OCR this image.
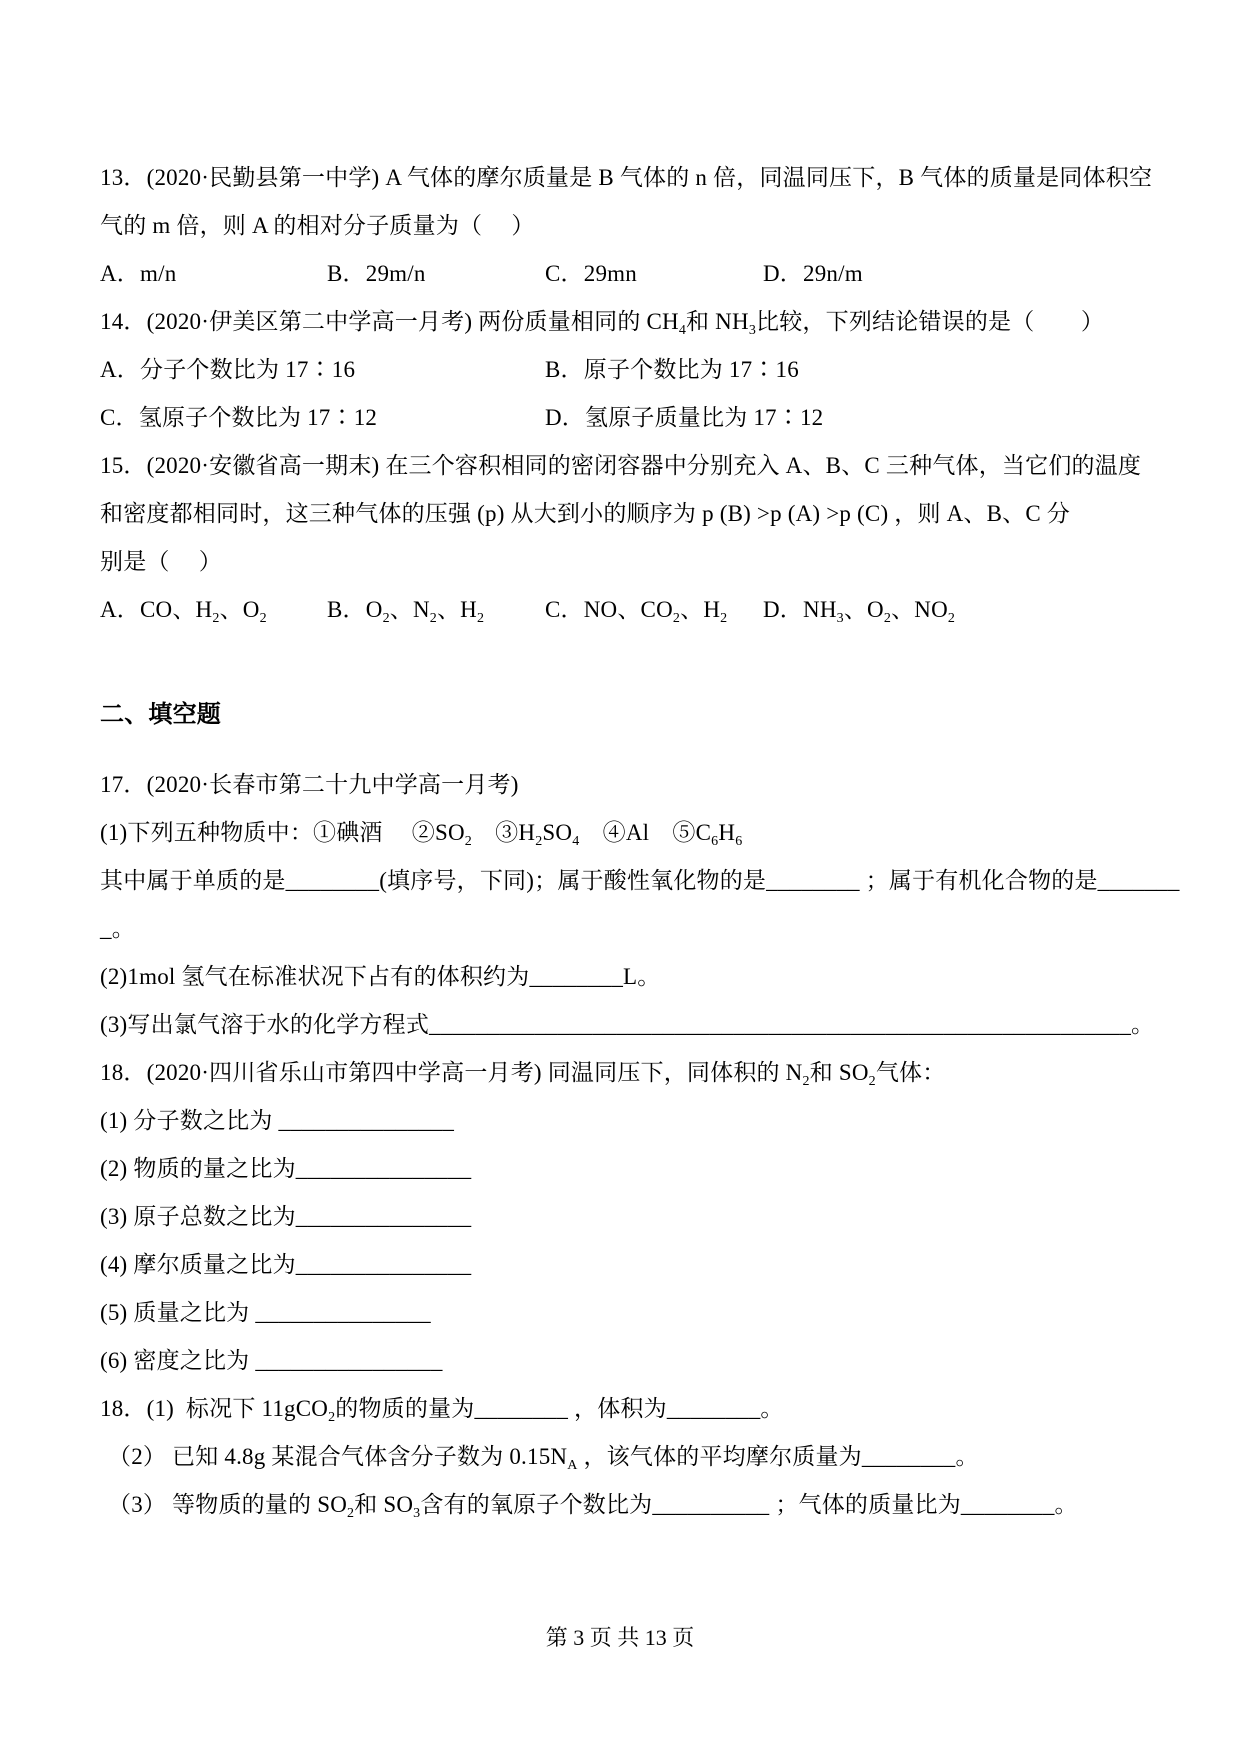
13．(2020·民勤县第一中学) A 气体的摩尔质量是 B 气体的 n 倍，同温同压下，B 气体的质量是同体积空
气的 m 倍，则 A 的相对分子质量为（　 ）
A．m/n	B．29m/n	C．29mn	D．29n/m
14．(2020·伊美区第二中学高一月考) 两份质量相同的 $CH_4$和 $NH_3$比较，下列结论错误的是（　　）
A．分子个数比为 17∶16	B．原子个数比为 17∶16
C．氢原子个数比为 17∶12	D．氢原子质量比为 17∶12
15．(2020·安徽省高一期末) 在三个容积相同的密闭容器中分别充入 A、B、C 三种气体，当它们的温度
和密度都相同时，这三种气体的压强 (p) 从大到小的顺序为 p (B) >p (A) >p (C) ，则 A、B、C 分
别是（　 ）
A．CO、$H_2$、$O_2$	B．$O_2$、$N_2$、$H_2$	C．NO、$CO_2$、$H_2$	D．$NH_3$、$O_2$、$NO_2$
二、填空题
17．(2020·长春市第二十九中学高一月考)
(1)下列五种物质中：①碘酒　 $②SO_2$　$③H_2SO_4$　④Al　$⑤C_6H_6$
其中属于单质的是________(填序号，下同)；属于酸性氧化物的是________ ；属于有机化合物的是_______
_。
(2)1mol 氢气在标准状况下占有的体积约为________L。
(3)写出氯气溶于水的化学方程式____________________________________________________________。
18．(2020·四川省乐山市第四中学高一月考) 同温同压下，同体积的 $N_2$和 $SO_2$气体：
(1) 分子数之比为 _______________
(2) 物质的量之比为_______________
(3) 原子总数之比为_______________
(4) 摩尔质量之比为_______________
(5) 质量之比为 _______________
(6) 密度之比为 ________________
18．(1)  标况下 11gCO$_2$的物质的量为________ ，体积为________。
（2） 已知 4.8g 某混合气体含分子数为 $0.15N_A$ ，该气体的平均摩尔质量为________。
（3） 等物质的量的 $SO_2$和 $SO_3$含有的氧原子个数比为__________ ；气体的质量比为________。
第 3 页 共 13 页
